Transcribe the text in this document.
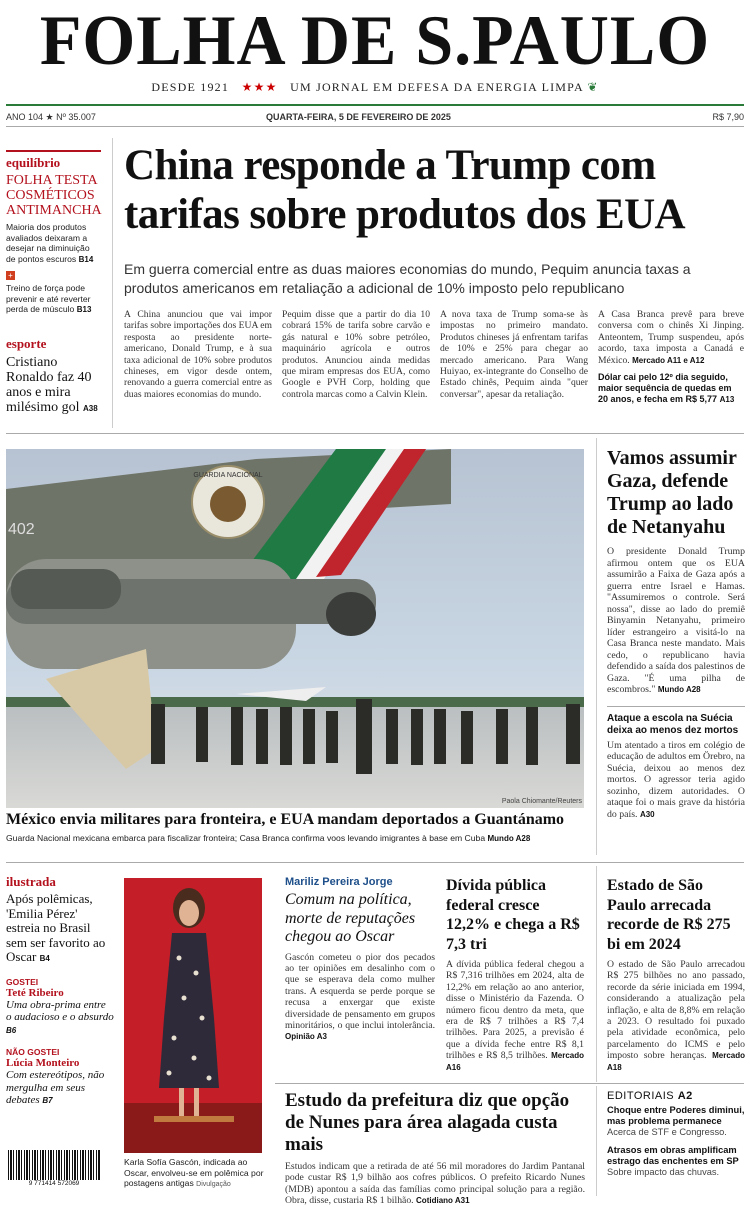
FOLHA DE S.PAULO
DESDE 1921 ★★★ UM JORNAL EM DEFESA DA ENERGIA LIMPA ❦
ANO 104 ★ Nº 35.007	QUARTA-FEIRA, 5 DE FEVEREIRO DE 2025	R$ 7,90
equilíbrio
FOLHA TESTA COSMÉTICOS ANTIMANCHA
Maioria dos produtos avaliados deixaram a desejar na diminuição de pontos escuros B14
+
Treino de força pode prevenir e até reverter perda de músculo B13
esporte
Cristiano Ronaldo faz 40 anos e mira milésimo gol A38
China responde a Trump com tarifas sobre produtos dos EUA
Em guerra comercial entre as duas maiores economias do mundo, Pequim anuncia taxas a produtos americanos em retaliação a adicional de 10% imposto pelo republicano
A China anunciou que vai impor tarifas sobre importações dos EUA em resposta ao presidente norte-americano, Donald Trump, e à sua taxa adicional de 10% sobre produtos chineses, em vigor desde ontem, renovando a guerra comercial entre as duas maiores economias do mundo.
Pequim disse que a partir do dia 10 cobrará 15% de tarifa sobre carvão e gás natural e 10% sobre petróleo, maquinário agrícola e outros produtos. Anunciou ainda medidas que miram empresas dos EUA, como Google e PVH Corp, holding que controla marcas como a Calvin Klein.
A nova taxa de Trump soma-se às impostas no primeiro mandato. Produtos chineses já enfrentam tarifas de 10% e 25% para chegar ao mercado americano. Para Wang Huiyao, ex-integrante do Conselho de Estado chinês, Pequim ainda "quer conversar", apesar da retaliação.
A Casa Branca prevê para breve conversa com o chinês Xi Jinping. Anteontem, Trump suspendeu, após acordo, taxa imposta a Canadá e México. Mercado A11 e A12
Dólar cai pelo 12º dia seguido, maior sequência de quedas em 20 anos, e fecha em R$ 5,77 A13
GUARDIA NACIONAL
402
Paola Chiomante/Reuters
México envia militares para fronteira, e EUA mandam deportados a Guantánamo
Guarda Nacional mexicana embarca para fiscalizar fronteira; Casa Branca confirma voos levando imigrantes à base em Cuba Mundo A28
Vamos assumir Gaza, defende Trump ao lado de Netanyahu
O presidente Donald Trump afirmou ontem que os EUA assumirão a Faixa de Gaza após a guerra entre Israel e Hamas. "Assumiremos o controle. Será nossa", disse ao lado do premiê Binyamin Netanyahu, primeiro líder estrangeiro a visitá-lo na Casa Branca neste mandato. Mais cedo, o republicano havia defendido a saída dos palestinos de Gaza. "É uma pilha de escombros." Mundo A28
Ataque a escola na Suécia deixa ao menos dez mortos
Um atentado a tiros em colégio de educação de adultos em Örebro, na Suécia, deixou ao menos dez mortos. O agressor teria agido sozinho, dizem autoridades. O ataque foi o mais grave da história do país. A30
ilustrada
Após polêmicas, 'Emilia Pérez' estreia no Brasil sem ser favorito ao Oscar B4
GOSTEI
Teté Ribeiro
Uma obra-prima entre o audacioso e o absurdo B6
NÃO GOSTEI
Lúcia Monteiro
Com estereótipos, não mergulha em seus debates B7
9 771414 572069
Karla Sofía Gascón, indicada ao Oscar, envolveu-se em polêmica por postagens antigas Divulgação
Mariliz Pereira Jorge
Comum na política, morte de reputações chegou ao Oscar
Gascón cometeu o pior dos pecados ao ter opiniões em desalinho com o que se esperava dela como mulher trans. A esquerda se perde porque se recusa a enxergar que existe diversidade de pensamento em grupos minoritários, o que inclui intolerância. Opinião A3
Dívida pública federal cresce 12,2% e chega a R$ 7,3 tri
A dívida pública federal chegou a R$ 7,316 trilhões em 2024, alta de 12,2% em relação ao ano anterior, disse o Ministério da Fazenda. O número ficou dentro da meta, que era de R$ 7 trilhões a R$ 7,4 trilhões. Para 2025, a previsão é que a dívida feche entre R$ 8,1 trilhões e R$ 8,5 trilhões. Mercado A16
Estado de São Paulo arrecada recorde de R$ 275 bi em 2024
O estado de São Paulo arrecadou R$ 275 bilhões no ano passado, recorde da série iniciada em 1994, considerando a atualização pela inflação, e alta de 8,8% em relação a 2023. O resultado foi puxado pela atividade econômica, pelo parcelamento do ICMS e pelo imposto sobre heranças. Mercado A18
Estudo da prefeitura diz que opção de Nunes para área alagada custa mais
Estudos indicam que a retirada de até 56 mil moradores do Jardim Pantanal pode custar R$ 1,9 bilhão aos cofres públicos. O prefeito Ricardo Nunes (MDB) apontou a saída das famílias como principal solução para a região. Obra, disse, custaria R$ 1 bilhão. Cotidiano A31
EDITORIAIS A2
Choque entre Poderes diminui, mas problema permanece Acerca de STF e Congresso.
Atrasos em obras amplificam estrago das enchentes em SP Sobre impacto das chuvas.
